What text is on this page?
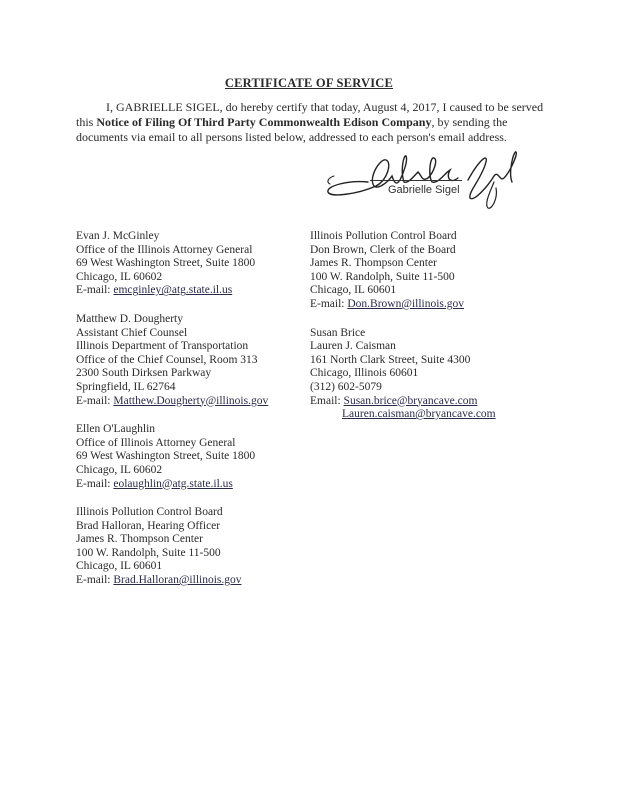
CERTIFICATE OF SERVICE
I, GABRIELLE SIGEL, do hereby certify that today, August 4, 2017, I caused to be served
this Notice of Filing Of Third Party Commonwealth Edison Company, by sending the
documents via email to all persons listed below, addressed to each person's email address.
Gabrielle Sigel
Evan J. McGinley
Office of the Illinois Attorney General
69 West Washington Street, Suite 1800
Chicago, IL 60602
E-mail: emcginley@atg.state.il.us
Matthew D. Dougherty
Assistant Chief Counsel
Illinois Department of Transportation
Office of the Chief Counsel, Room 313
2300 South Dirksen Parkway
Springfield, IL 62764
E-mail: Matthew.Dougherty@illinois.gov
Ellen O'Laughlin
Office of Illinois Attorney General
69 West Washington Street, Suite 1800
Chicago, IL 60602
E-mail: eolaughlin@atg.state.il.us
Illinois Pollution Control Board
Brad Halloran, Hearing Officer
James R. Thompson Center
100 W. Randolph, Suite 11-500
Chicago, IL 60601
E-mail: Brad.Halloran@illinois.gov
Illinois Pollution Control Board
Don Brown, Clerk of the Board
James R. Thompson Center
100 W. Randolph, Suite 11-500
Chicago, IL 60601
E-mail: Don.Brown@illinois.gov
Susan Brice
Lauren J. Caisman
161 North Clark Street, Suite 4300
Chicago, Illinois 60601
(312) 602-5079
Email: Susan.brice@bryancave.com
Lauren.caisman@bryancave.com
